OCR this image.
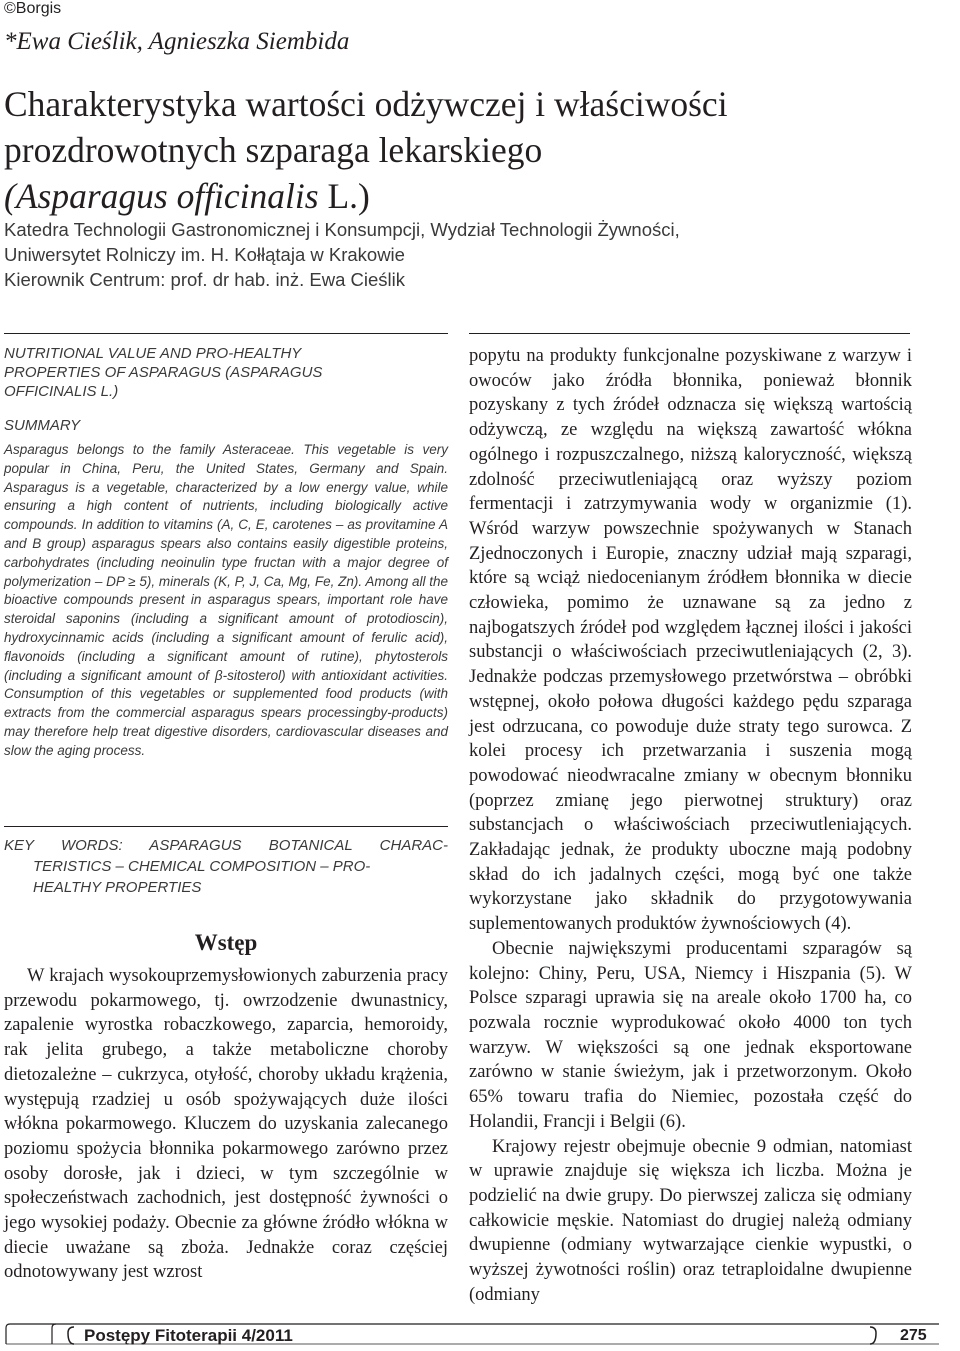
©Borgis
*Ewa Cieślik, Agnieszka Siembida
Charakterystyka wartości odżywczej i właściwości
prozdrowotnych szparaga lekarskiego
(Asparagus officinalis L.)
Katedra Technologii Gastronomicznej i Konsumpcji, Wydział Technologii Żywności,
Uniwersytet Rolniczy im. H. Kołłątaja w Krakowie
Kierownik Centrum: prof. dr hab. inż. Ewa Cieślik
NUTRITIONAL VALUE AND PRO-HEALTHY
PROPERTIES OF ASPARAGUS (ASPARAGUS
OFFICINALIS L.)
SUMMARY
Asparagus belongs to the family Asteraceae. This vegetable is very popular in China, Peru, the United States, Germany and Spain. Asparagus is a vegetable, characterized by a low energy value, while ensuring a high content of nutrients, including biologically active compounds. In addition to vitamins (A, C, E, carotenes – as provitamine A and B group) asparagus spears also contains easily digestible proteins, carbohydrates (including neoinulin type fructan with a major degree of polymerization – DP ≥ 5), minerals (K, P, J, Ca, Mg, Fe, Zn). Among all the bioactive compounds present in asparagus spears, important role have steroidal saponins (including a significant amount of protodioscin), hydroxycinnamic acids (including a significant amount of ferulic acid), flavonoids (including a significant amount of rutine), phytosterols (including a significant amount of β-sitosterol) with antioxidant activities. Consumption of this vegetables or supplemented food products (with extracts from the commercial asparagus spears processingby-products) may therefore help treat digestive disorders, cardiovascular diseases and slow the aging process.
KEY WORDS: ASPARAGUS BOTANICAL CHARAC-
TERISTICS – CHEMICAL COMPOSITION – PRO-
HEALTHY PROPERTIES
Wstęp

W krajach wysokouprzemysłowionych zaburzenia pracy przewodu pokarmowego, tj. owrzodzenie dwunastnicy, zapalenie wyrostka robaczkowego, zaparcia, hemoroidy, rak jelita grubego, a także metaboliczne choroby dietozależne – cukrzyca, otyłość, choroby układu krążenia, występują rzadziej u osób spożywających duże ilości włókna pokarmowego. Kluczem do uzyskania zalecanego poziomu spożycia błonnika pokarmowego zarówno przez osoby dorosłe, jak i dzieci, w tym szczególnie w społeczeństwach zachodnich, jest dostępność żywności o jego wysokiej podaży. Obecnie za główne źródło włókna w diecie uważane są zboża. Jednakże coraz częściej odnotowywany jest wzrost

popytu na produkty funkcjonalne pozyskiwane z warzyw i owoców jako źródła błonnika, ponieważ błonnik pozyskany z tych źródeł odznacza się większą wartością odżywczą, ze względu na większą zawartość włókna ogólnego i rozpuszczalnego, niższą kaloryczność, większą zdolność przeciwutleniającą oraz wyższy poziom fermentacji i zatrzymywania wody w organizmie (1). Wśród warzyw powszechnie spożywanych w Stanach Zjednoczonych i Europie, znaczny udział mają szparagi, które są wciąż niedocenianym źródłem błonnika w diecie człowieka, pomimo że uznawane są za jedno z najbogatszych źródeł pod względem łącznej ilości i jakości substancji o właściwościach przeciwutleniających (2, 3). Jednakże podczas przemysłowego przetwórstwa – obróbki wstępnej, około połowa długości każdego pędu szparaga jest odrzucana, co powoduje duże straty tego surowca. Z kolei procesy ich przetwarzania i suszenia mogą powodować nieodwracalne zmiany w obecnym błonniku (poprzez zmianę jego pierwotnej struktury) oraz substancjach o właściwościach przeciwutleniających. Zakładając jednak, że produkty uboczne mają podobny skład do ich jadalnych części, mogą być one także wykorzystane jako składnik do przygotowywania suplementowanych produktów żywnościowych (4).

Obecnie największymi producentami szparagów są kolejno: Chiny, Peru, USA, Niemcy i Hiszpania (5). W Polsce szparagi uprawia się na areale około 1700 ha, co pozwala rocznie wyprodukować około 4000 ton tych warzyw. W większości są one jednak eksportowane zarówno w stanie świeżym, jak i przetworzonym. Około 65% towaru trafia do Niemiec, pozostała część do Holandii, Francji i Belgii (6).

Krajowy rejestr obejmuje obecnie 9 odmian, natomiast w uprawie znajduje się większa ich liczba. Można je podzielić na dwie grupy. Do pierwszej zalicza się odmiany całkowicie męskie. Natomiast do drugiej należą odmiany dwupienne (odmiany wytwarzające cienkie wypustki, o wyższej żywotności roślin) oraz tetraploidalne dwupienne (odmiany

Postępy Fitoterapii 4/2011	275
